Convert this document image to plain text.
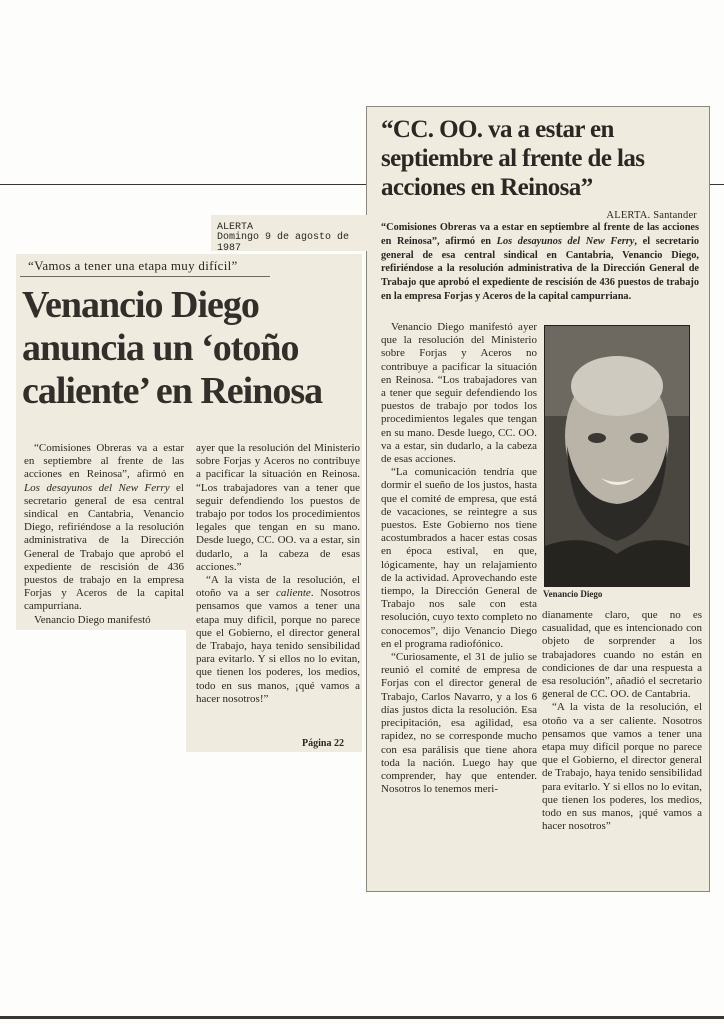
“CC. OO. va a estar en septiembre al frente de las acciones en Reinosa”
ALERTA. Santander
“Comisiones Obreras va a estar en septiembre al frente de las acciones en Reinosa”, afirmó en Los desayunos del New Ferry, el secretario general de esa central sindical en Cantabria, Venancio Diego, refiriéndose a la resolución administrativa de la Dirección General de Trabajo que aprobó el expediente de rescisión de 436 puestos de trabajo en la empresa Forjas y Aceros de la capital campurriana.

Venancio Diego manifestó ayer que la resolución del Ministerio sobre Forjas y Aceros no contribuye a pacificar la situación en Reinosa. “Los trabajadores van a tener que seguir defendiendo los puestos de trabajo por todos los procedimientos legales que tengan en su mano. Desde luego, CC. OO. va a estar, sin dudarlo, a la cabeza de esas acciones.

“La comunicación tendría que dormir el sueño de los justos, hasta que el comité de empresa, que está de vacaciones, se reintegre a sus puestos. Este Gobierno nos tiene acostumbrados a hacer estas cosas en época estival, en que, lógicamente, hay un relajamiento de la actividad. Aprovechando este tiempo, la Dirección General de Trabajo nos sale con esta resolución, cuyo texto completo no conocemos”, dijo Venancio Diego en el programa radiofónico.

“Curiosamente, el 31 de julio se reunió el comité de empresa de Forjas con el director general de Trabajo, Carlos Navarro, y a los 6 días justos dicta la resolución. Esa precipitación, esa agilidad, esa rapidez, no se corresponde mucho con esa parálisis que tiene ahora toda la nación. Luego hay que comprender, hay que entender. Nosotros lo tenemos meri-

Venancio Diego

dianamente claro, que no es casualidad, que es intencionado con objeto de sorprender a los trabajadores cuando no están en condiciones de dar una respuesta a esa resolución”, añadió el secretario general de CC. OO. de Cantabria.

“A la vista de la resolución, el otoño va a ser caliente. Nosotros pensamos que vamos a tener una etapa muy difícil porque no parece que el Gobierno, el director general de Trabajo, haya tenido sensibilidad para evitarlo. Y si ellos no lo evitan, que tienen los poderes, los medios, todo en sus manos, ¡qué vamos a hacer nosotros”

ALERTA
Domingo 9 de agosto de 1987
“Vamos a tener una etapa muy difícil”
Venancio Diego anuncia un ‘otoño caliente’ en Reinosa

“Comisiones Obreras va a estar en septiembre al frente de las acciones en Reinosa”, afirmó en Los desayunos del New Ferry el secretario general de esa central sindical en Cantabria, Venancio Diego, refiriéndose a la resolución administrativa de la Dirección General de Trabajo que aprobó el expediente de rescisión de 436 puestos de trabajo en la empresa Forjas y Aceros de la capital campurriana.

Venancio Diego manifestó

ayer que la resolución del Ministerio sobre Forjas y Aceros no contribuye a pacificar la situación en Reinosa. “Los trabajadores van a tener que seguir defendiendo los puestos de trabajo por todos los procedimientos legales que tengan en su mano. Desde luego, CC. OO. va a estar, sin dudarlo, a la cabeza de esas acciones.”

“A la vista de la resolución, el otoño va a ser caliente. Nosotros pensamos que vamos a tener una etapa muy difícil, porque no parece que el Gobierno, el director general de Trabajo, haya tenido sensibilidad para evitarlo. Y si ellos no lo evitan, que tienen los poderes, los medios, todo en sus manos, ¡qué vamos a hacer nosotros!”

Página 22
